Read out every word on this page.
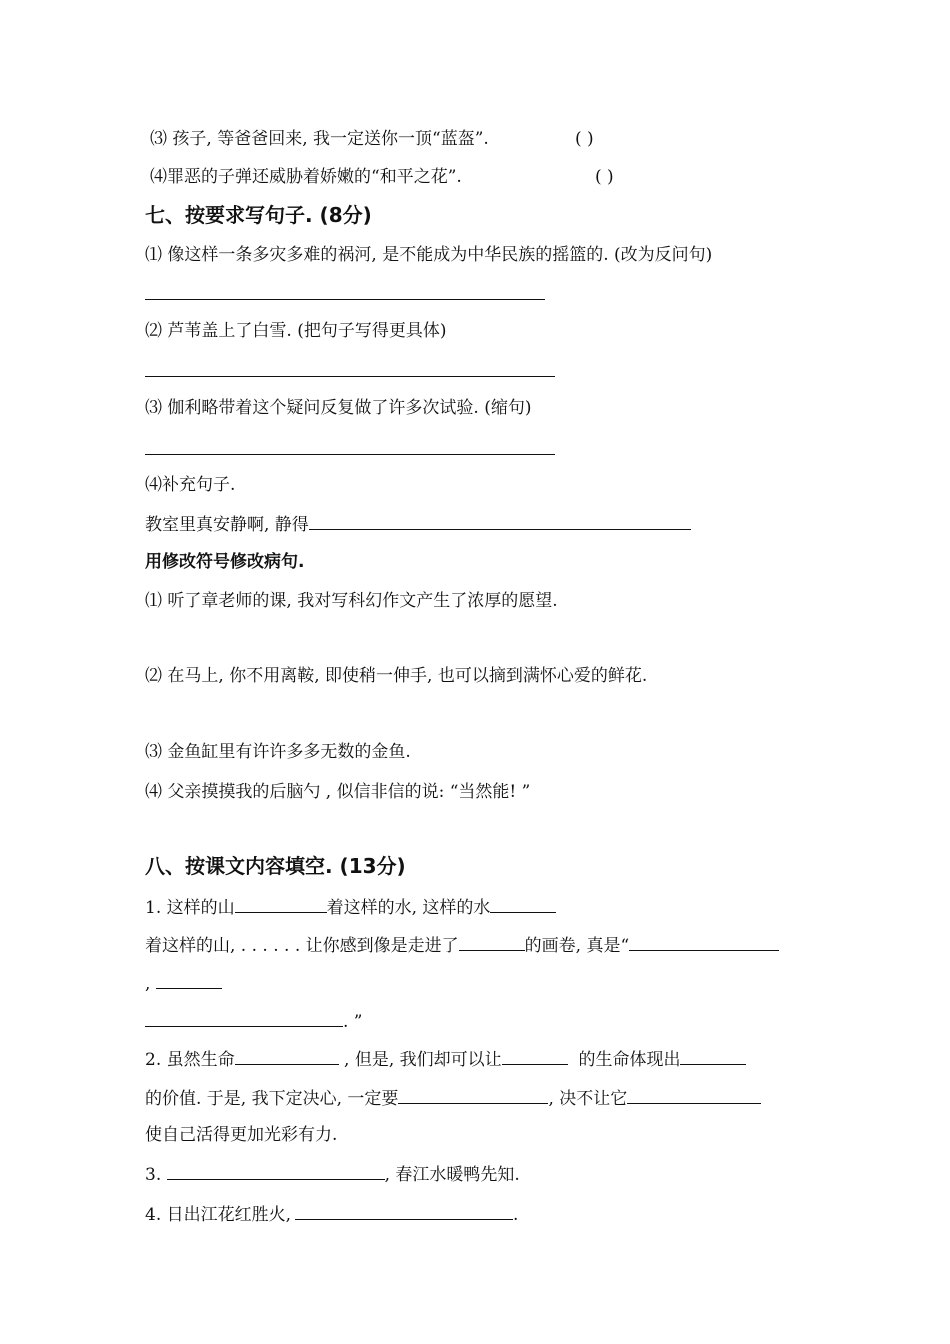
⑶ 孩子, 等爸爸回来, 我一定送你一顶“蓝盔”.	( )
⑷罪恶的子弹还威胁着娇嫩的“和平之花”.	( )
七、按要求写句子. (8分)
⑴ 像这样一条多灾多难的祸河, 是不能成为中华民族的摇篮的. (改为反问句)
⑵ 芦苇盖上了白雪. (把句子写得更具体)
⑶ 伽利略带着这个疑问反复做了许多次试验. (缩句)
⑷补充句子.
教室里真安静啊, 静得
用修改符号修改病句.
⑴ 听了章老师的课, 我对写科幻作文产生了浓厚的愿望.
⑵ 在马上, 你不用离鞍, 即使稍一伸手, 也可以摘到满怀心爱的鲜花.
⑶ 金鱼缸里有许许多多无数的金鱼.
⑷ 父亲摸摸我的后脑勺 , 似信非信的说: “当然能! ”
八、按课文内容填空. (13分)
1. 这样的山	着这样的水, 这样的水
着这样的山, . . . . . . 让你感到像是走进了	的画卷, 真是“
,
. ”
2. 虽然生命	, 但是, 我们却可以让	的生命体现出
的价值. 于是, 我下定决心, 一定要	, 决不让它
使自己活得更加光彩有力.
3.	, 春江水暖鸭先知.
4. 日出江花红胜火,	.
